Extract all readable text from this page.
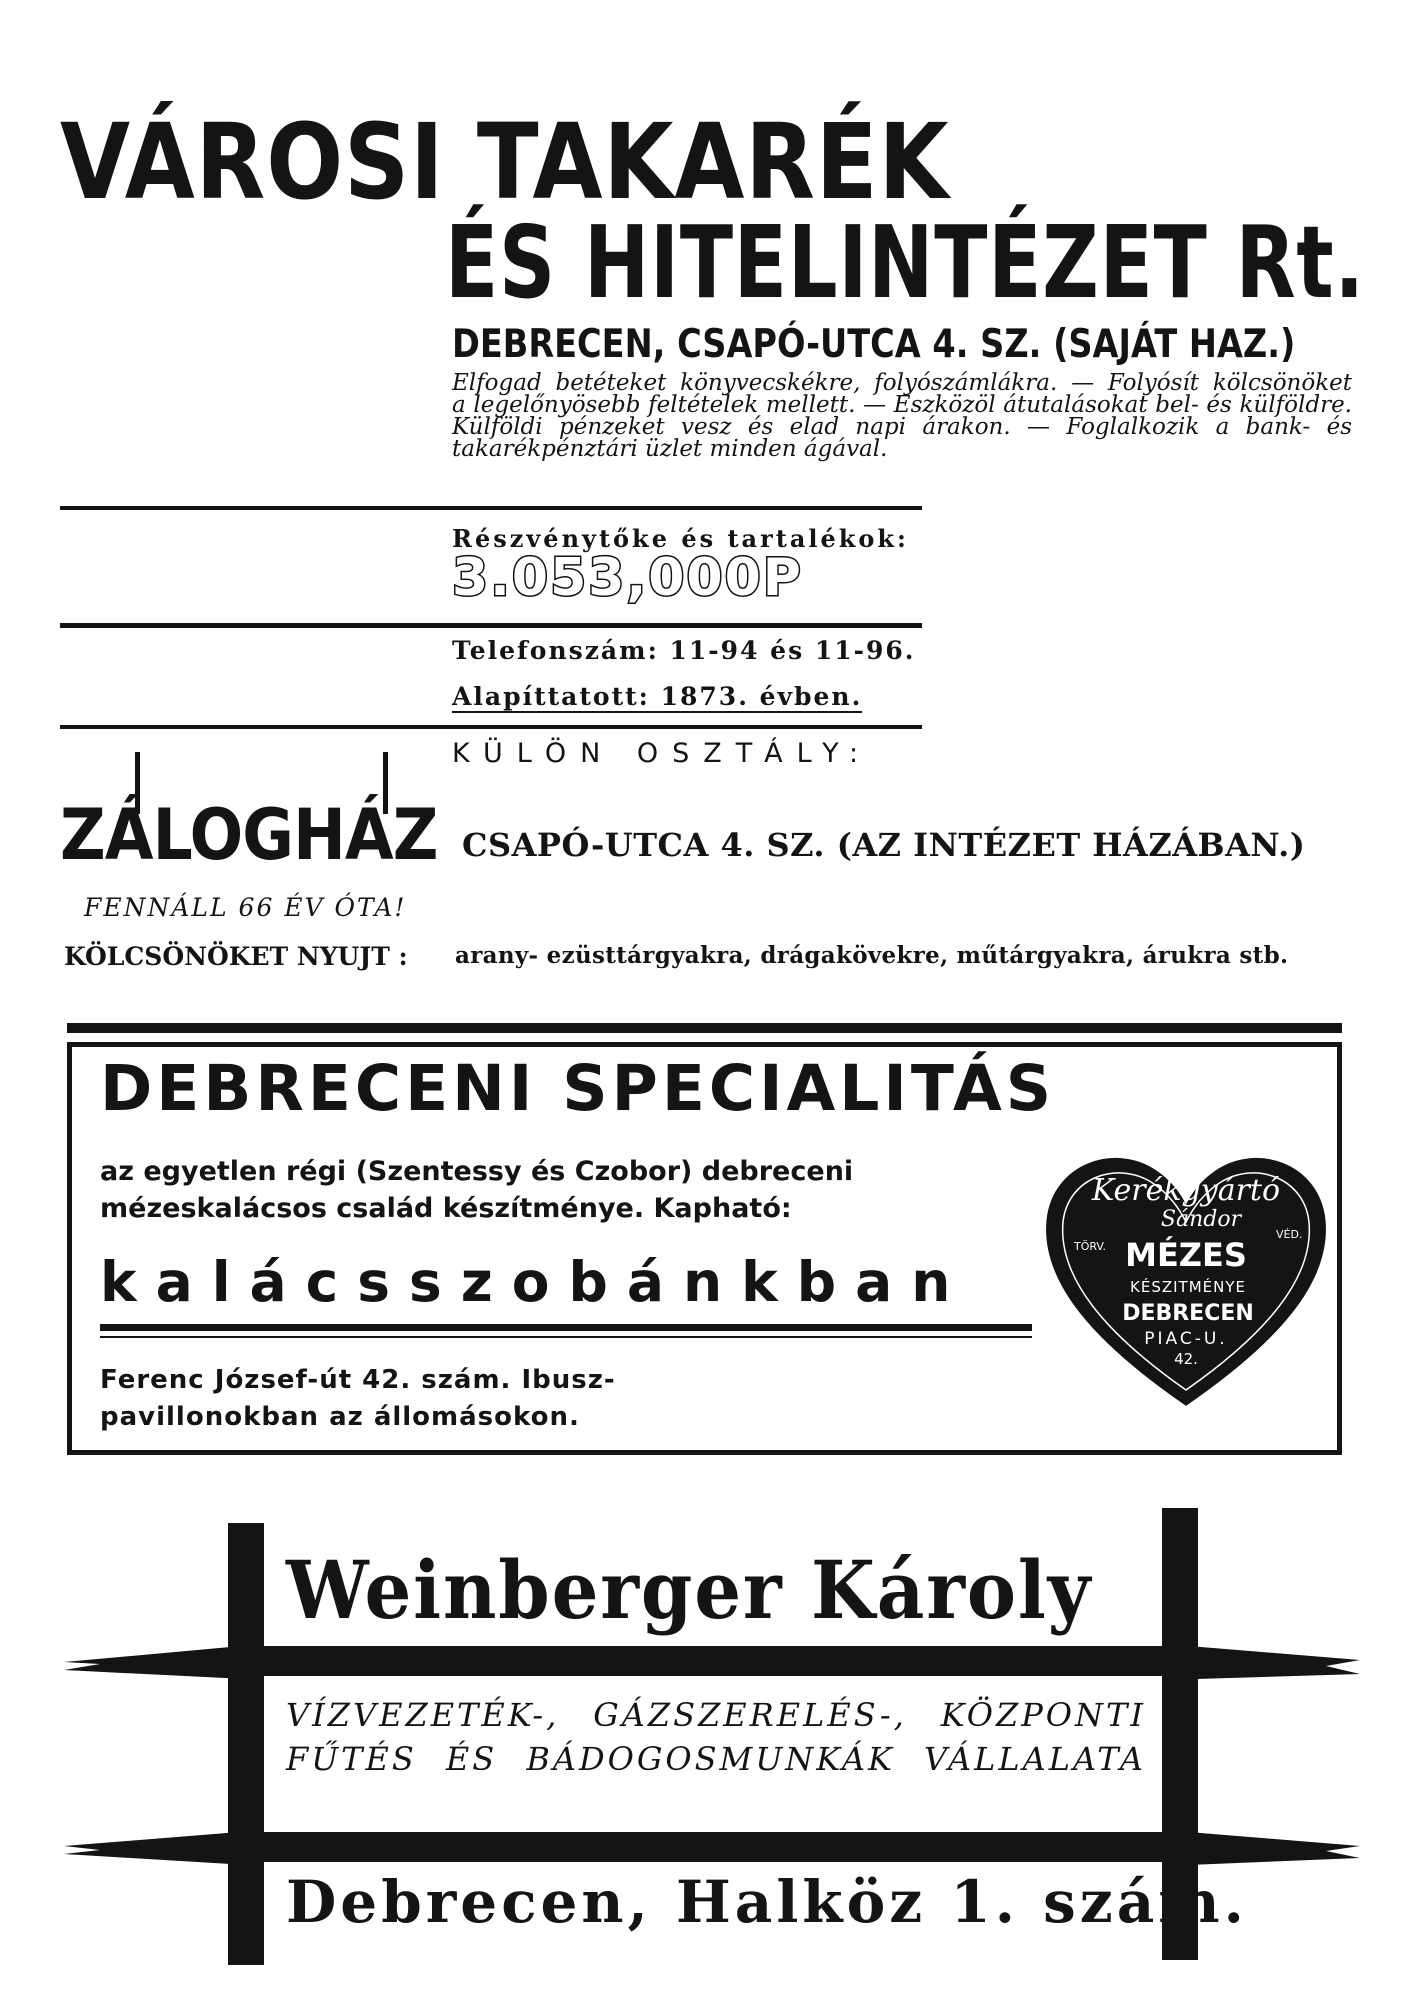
VÁROSI TAKARÉK
ÉS HITELINTÉZET Rt.
DEBRECEN, CSAPÓ-UTCA 4. SZ. (SAJÁT HAZ.)
Elfogad betéteket könyvecskékre, folyószámlákra. — Folyósít kölcsönöket
a legelőnyösebb feltételek mellett. — Eszközöl átutalásokat bel- és külföldre.
Külföldi pénzeket vesz és elad napi árakon. — Foglalkozik a bank- és
takarékpénztári üzlet minden ágával.
Részvénytőke és tartalékok:
3.053,000P
Telefonszám: 11-94 és 11-96.
Alapíttatott: 1873. évben.
KÜLÖN OSZTÁLY:
ZÁLOGHÁZ CSAPÓ-UTCA 4. SZ. (AZ INTÉZET HÁZÁBAN.)
FENNÁLL 66 ÉV ÓTA!
KÖLCSÖNÖKET NYUJT : arany- ezüsttárgyakra, drágakövekre, műtárgyakra, árukra stb.
DEBRECENI SPECIALITÁS
az egyetlen régi (Szentessy és Czobor) debreceni
mézeskalácsos család készítménye. Kapható:
kalácsszobánkban
Ferenc József-út 42. szám. Ibusz-
pavillonokban az állomásokon.
Kerékgyártó
Sándor
TÖRV.
VÉD.
MÉZES
KÉSZITMÉNYE
DEBRECEN
PIAC-U.
42.
Weinberger Károly
VÍZVEZETÉK-, GÁZSZERELÉS-, KÖZPONTI
FŰTÉS ÉS BÁDOGOSMUNKÁK VÁLLALATA
Debrecen, Halköz 1. szám.
